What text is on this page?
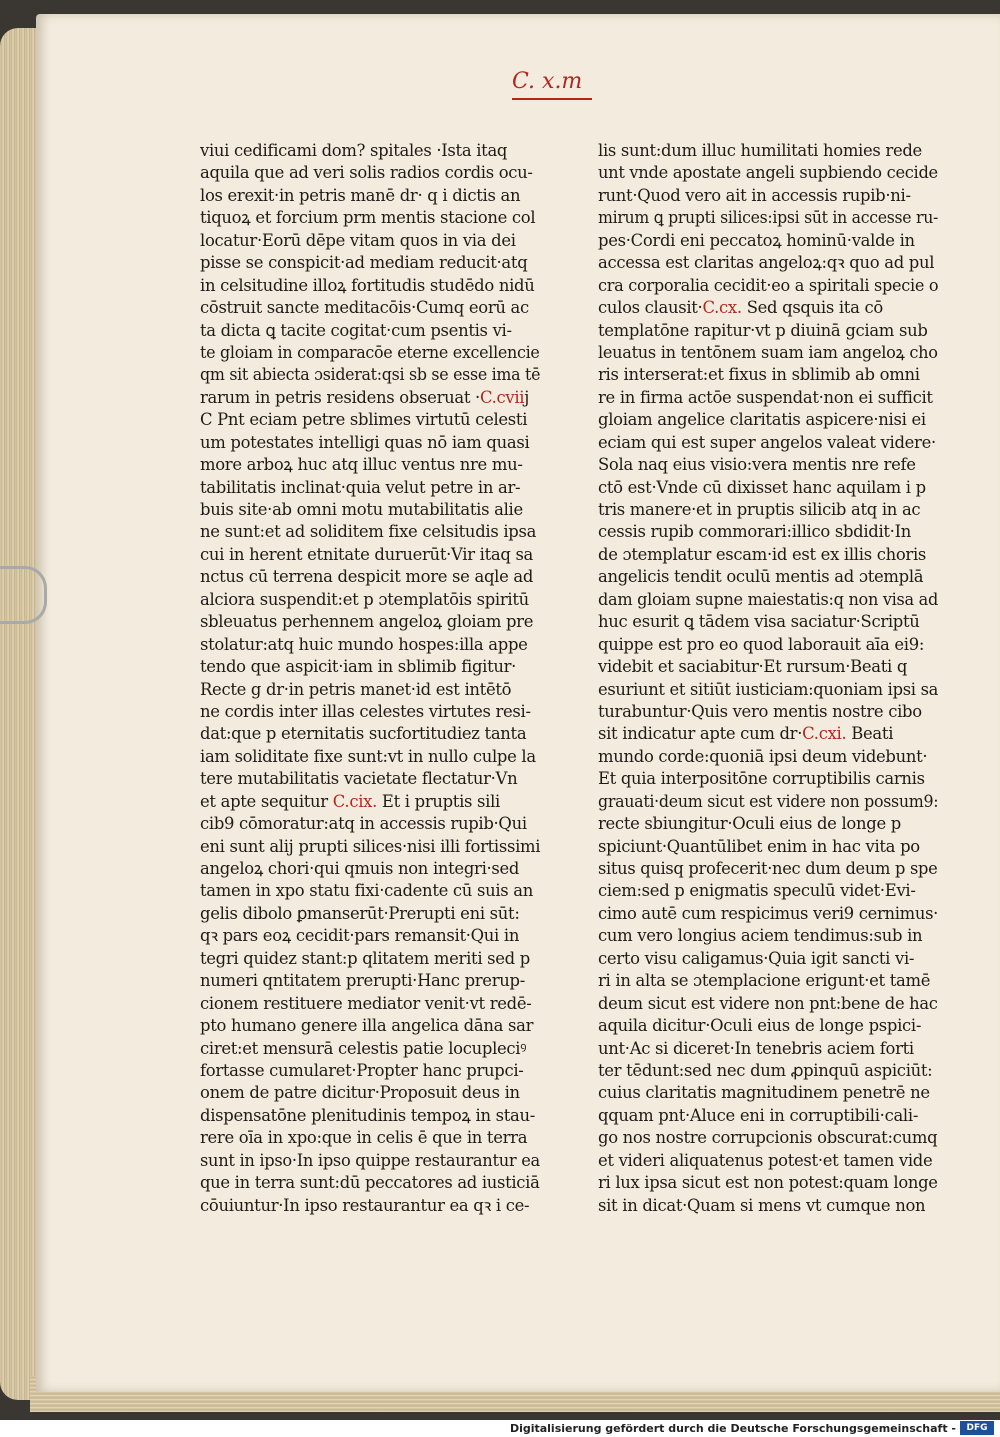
C. x.m
viui cedificami dom? spitales ·Ista itaq
aquila que ad veri solis radios cordis ocu-
los erexit·in petris manē dr· q i dictis an
tiquoꝝ et forcium prm mentis stacione col
locatur·Eorū dēpe vitam quos in via dei
pisse se conspicit·ad mediam reducit·atq
in celsitudine illoꝝ fortitudis studēdo nidū
cōstruit sancte meditacōis·Cumq eorū ac
ta dicta ꝗ tacite cogitat·cum psentis vi-
te gloiam in comparacōe eterne excellencie
qm sit abiecta ɔsiderat:qsi sb se esse ima tē
rarum in petris residens obseruat ·C.cviij
C Pnt eciam petre sblimes virtutū celesti
um potestates intelligi quas nō iam quasi
more arboꝝ huc atq illuc ventus nre mu-
tabilitatis inclinat·quia velut petre in ar-
buis site·ab omni motu mutabilitatis alie
ne sunt:et ad soliditem fixe celsitudis ipsa
cui in herent etnitate duruerūt·Vir itaq sa
nctus cū terrena despicit more se aqle ad
alciora suspendit:et p ɔtemplatōis spiritū
sbleuatus perhennem angeloꝝ gloiam pre
stolatur:atq huic mundo hospes:illa appe
tendo que aspicit·iam in sblimib figitur·
Recte g dr·in petris manet·id est intētō
ne cordis inter illas celestes virtutes resi-
dat:que p eternitatis sucfortitudiez tanta
iam soliditate fixe sunt:vt in nullo culpe la
tere mutabilitatis vacietate flectatur·Vn
et apte sequitur C.cix. Et i pruptis sili
cib9 cōmoratur:atq in accessis rupib·Qui
eni sunt alij prupti silices·nisi illi fortissimi
angeloꝝ chori·qui qmuis non integri·sed
tamen in xpo statu fixi·cadente cū suis an
gelis dibolo ꝑmanserūt·Prerupti eni sūt:
qꝛ pars eoꝝ cecidit·pars remansit·Qui in
tegri quidez stant:p qlitatem meriti sed p
numeri qntitatem prerupti·Hanc prerup-
cionem restituere mediator venit·vt redē-
pto humano genere illa angelica dāna sar
ciret:et mensurā celestis patie locupleciꝰ
fortasse cumularet·Propter hanc prupci-
onem de patre dicitur·Proposuit deus in
dispensatōne plenitudinis tempoꝝ in stau-
rere oīa in xpo:que in celis ē que in terra
sunt in ipso·In ipso quippe restaurantur ea
que in terra sunt:dū peccatores ad iusticiā
cōuiuntur·In ipso restaurantur ea qꝛ i ce-
lis sunt:dum illuc humilitati homies rede
unt vnde apostate angeli supbiendo cecide
runt·Quod vero ait in accessis rupib·ni-
mirum ꝗ prupti silices:ipsi sūt in accesse ru-
pes·Cordi eni peccatoꝝ hominū·valde in
accessa est claritas angeloꝝ:qꝛ quo ad pul
cra corporalia cecidit·eo a spiritali specie o
culos clausit·C.cx. Sed qsquis ita cō
templatōne rapitur·vt p diuinā gciam sub
leuatus in tentōnem suam iam angeloꝝ cho
ris interserat:et fixus in sblimib ab omni
re in firma actōe suspendat·non ei sufficit
gloiam angelice claritatis aspicere·nisi ei
eciam qui est super angelos valeat videre·
Sola naq eius visio:vera mentis nre refe
ctō est·Vnde cū dixisset hanc aquilam i p
tris manere·et in pruptis silicib atq in ac
cessis rupib commorari:illico sbdidit·In
de ɔtemplatur escam·id est ex illis choris
angelicis tendit oculū mentis ad ɔtemplā
dam gloiam supne maiestatis:q non visa ad
huc esurit ꝗ tādem visa saciatur·Scriptū
quippe est pro eo quod laborauit aīa ei9:
videbit et saciabitur·Et rursum·Beati q
esuriunt et sitiūt iusticiam:quoniam ipsi sa
turabuntur·Quis vero mentis nostre cibo
sit indicatur apte cum dr·C.cxi. Beati
mundo corde:quoniā ipsi deum videbunt·
Et quia interpositōne corruptibilis carnis
grauati·deum sicut est videre non possum9:
recte sbiungitur·Oculi eius de longe p
spiciunt·Quantūlibet enim in hac vita po
situs quisq profecerit·nec dum deum p spe
ciem:sed p enigmatis speculū videt·Evi-
cimo autē cum respicimus veri9 cernimus·
cum vero longius aciem tendimus:sub in
certo visu caligamus·Quia igit sancti vi-
ri in alta se ɔtemplacione erigunt·et tamē
deum sicut est videre non pnt:bene de hac
aquila dicitur·Oculi eius de longe pspici-
unt·Ac si diceret·In tenebris aciem forti
ter tēdunt:sed nec dum ꝓpinquū aspiciūt:
cuius claritatis magnitudinem penetrē ne
qquam pnt·Aluce eni in corruptibili·cali-
go nos nostre corrupcionis obscurat:cumq
et videri aliquatenus potest·et tamen vide
ri lux ipsa sicut est non potest:quam longe
sit in dicat·Quam si mens vt cumque non
Digitalisierung gefördert durch die Deutsche Forschungsgemeinschaft -	DFG
